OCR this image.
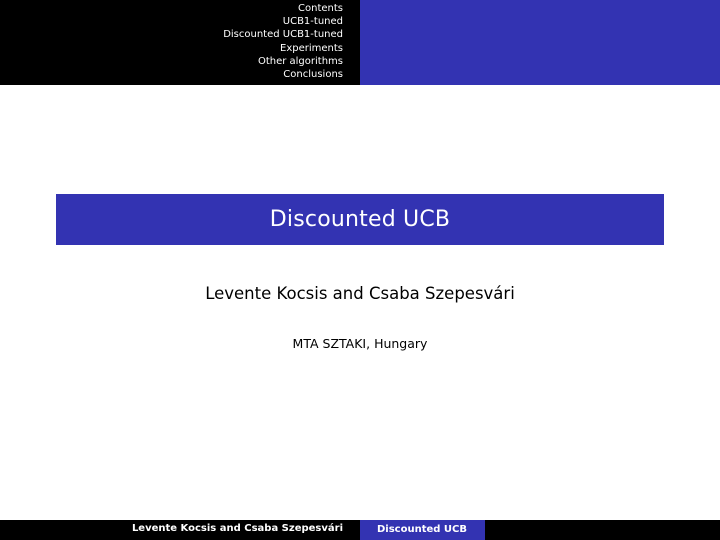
Contents
UCB1-tuned
Discounted UCB1-tuned
Experiments
Other algorithms
Conclusions
Discounted UCB
Levente Kocsis and Csaba Szepesvári
MTA SZTAKI, Hungary
Levente Kocsis and Csaba Szepesvári	Discounted UCB
